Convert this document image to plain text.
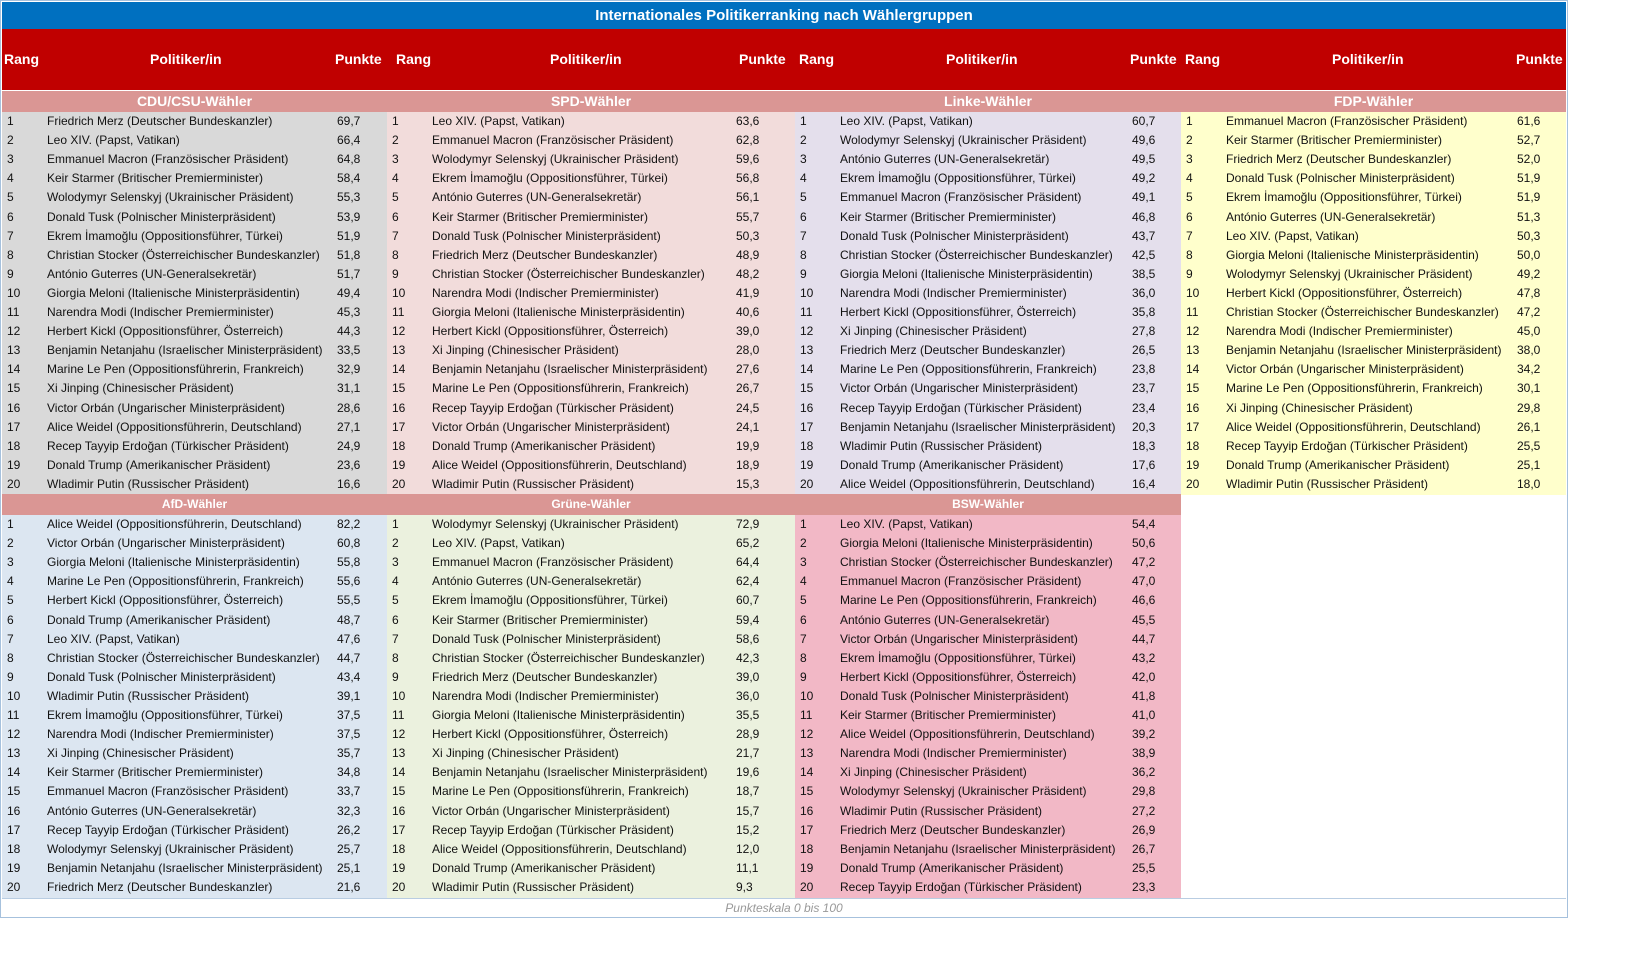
Internationales Politikerranking nach Wählergruppen
Rang	Politiker/in	Punkte Rang	Politiker/in	Punkte Rang	Politiker/in	Punkte Rang	Politiker/in	Punkte
CDU/CSU-Wähler
1	Friedrich Merz (Deutscher Bundeskanzler)	69,7
2	Leo XIV. (Papst, Vatikan)	66,4
3	Emmanuel Macron (Französischer Präsident)	64,8
4	Keir Starmer (Britischer Premierminister)	58,4
5	Wolodymyr Selenskyj (Ukrainischer Präsident)	55,3
6	Donald Tusk (Polnischer Ministerpräsident)	53,9
7	Ekrem İmamoğlu (Oppositionsführer, Türkei)	51,9
8	Christian Stocker (Österreichischer Bundeskanzler) 51,8
9	António Guterres (UN-Generalsekretär)	51,7
10 Giorgia Meloni (Italienische Ministerpräsidentin)	49,4
11 Narendra Modi (Indischer Premierminister)	45,3
12 Herbert Kickl (Oppositionsführer, Österreich)	44,3
13 Benjamin Netanjahu (Israelischer Ministerpräsident) 33,5
14 Marine Le Pen (Oppositionsführerin, Frankreich)	32,9
15 Xi Jinping (Chinesischer Präsident)	31,1
16 Victor Orbán (Ungarischer Ministerpräsident)	28,6
17 Alice Weidel (Oppositionsführerin, Deutschland)	27,1
18 Recep Tayyip Erdoğan (Türkischer Präsident)	24,9
19 Donald Trump (Amerikanischer Präsident)	23,6
20 Wladimir Putin (Russischer Präsident)	16,6
SPD-Wähler
1	Leo XIV. (Papst, Vatikan)	63,6
2	Emmanuel Macron (Französischer Präsident)	62,8
3	Wolodymyr Selenskyj (Ukrainischer Präsident)	59,6
4	Ekrem İmamoğlu (Oppositionsführer, Türkei)	56,8
5	António Guterres (UN-Generalsekretär)	56,1
6	Keir Starmer (Britischer Premierminister)	55,7
7	Donald Tusk (Polnischer Ministerpräsident)	50,3
8	Friedrich Merz (Deutscher Bundeskanzler)	48,9
9	Christian Stocker (Österreichischer Bundeskanzler)	48,2
10 Narendra Modi (Indischer Premierminister)	41,9
11 Giorgia Meloni (Italienische Ministerpräsidentin)	40,6
12 Herbert Kickl (Oppositionsführer, Österreich)	39,0
13 Xi Jinping (Chinesischer Präsident)	28,0
14 Benjamin Netanjahu (Israelischer Ministerpräsident) 27,6
15 Marine Le Pen (Oppositionsführerin, Frankreich)	26,7
16 Recep Tayyip Erdoğan (Türkischer Präsident)	24,5
17 Victor Orbán (Ungarischer Ministerpräsident)	24,1
18 Donald Trump (Amerikanischer Präsident)	19,9
19 Alice Weidel (Oppositionsführerin, Deutschland)	18,9
20 Wladimir Putin (Russischer Präsident)	15,3
Linke-Wähler
1	Leo XIV. (Papst, Vatikan)	60,7
2	Wolodymyr Selenskyj (Ukrainischer Präsident)	49,6
3	António Guterres (UN-Generalsekretär)	49,5
4	Ekrem İmamoğlu (Oppositionsführer, Türkei)	49,2
5	Emmanuel Macron (Französischer Präsident)	49,1
6	Keir Starmer (Britischer Premierminister)	46,8
7	Donald Tusk (Polnischer Ministerpräsident)	43,7
8	Christian Stocker (Österreichischer Bundeskanzler) 42,5
9	Giorgia Meloni (Italienische Ministerpräsidentin)	38,5
10 Narendra Modi (Indischer Premierminister)	36,0
11 Herbert Kickl (Oppositionsführer, Österreich)	35,8
12 Xi Jinping (Chinesischer Präsident)	27,8
13 Friedrich Merz (Deutscher Bundeskanzler)	26,5
14 Marine Le Pen (Oppositionsführerin, Frankreich)	23,8
15 Victor Orbán (Ungarischer Ministerpräsident)	23,7
16 Recep Tayyip Erdoğan (Türkischer Präsident)	23,4
17 Benjamin Netanjahu (Israelischer Ministerpräsident) 20,3
18 Wladimir Putin (Russischer Präsident)	18,3
19 Donald Trump (Amerikanischer Präsident)	17,6
20 Alice Weidel (Oppositionsführerin, Deutschland)	16,4
FDP-Wähler
1	Emmanuel Macron (Französischer Präsident)	61,6
2	Keir Starmer (Britischer Premierminister)	52,7
3	Friedrich Merz (Deutscher Bundeskanzler)	52,0
4	Donald Tusk (Polnischer Ministerpräsident)	51,9
5	Ekrem İmamoğlu (Oppositionsführer, Türkei)	51,9
6	António Guterres (UN-Generalsekretär)	51,3
7	Leo XIV. (Papst, Vatikan)	50,3
8	Giorgia Meloni (Italienische Ministerpräsidentin)	50,0
9	Wolodymyr Selenskyj (Ukrainischer Präsident)	49,2
10 Herbert Kickl (Oppositionsführer, Österreich)	47,8
11 Christian Stocker (Österreichischer Bundeskanzler) 47,2
12 Narendra Modi (Indischer Premierminister)	45,0
13 Benjamin Netanjahu (Israelischer Ministerpräsident) 38,0
14 Victor Orbán (Ungarischer Ministerpräsident)	34,2
15 Marine Le Pen (Oppositionsführerin, Frankreich)	30,1
16 Xi Jinping (Chinesischer Präsident)	29,8
17 Alice Weidel (Oppositionsführerin, Deutschland)	26,1
18 Recep Tayyip Erdoğan (Türkischer Präsident)	25,5
19 Donald Trump (Amerikanischer Präsident)	25,1
20 Wladimir Putin (Russischer Präsident)	18,0
AfD-Wähler
1	Alice Weidel (Oppositionsführerin, Deutschland)	82,2
2	Victor Orbán (Ungarischer Ministerpräsident)	60,8
3	Giorgia Meloni (Italienische Ministerpräsidentin)	55,8
4	Marine Le Pen (Oppositionsführerin, Frankreich)	55,6
5	Herbert Kickl (Oppositionsführer, Österreich)	55,5
6	Donald Trump (Amerikanischer Präsident)	48,7
7	Leo XIV. (Papst, Vatikan)	47,6
8	Christian Stocker (Österreichischer Bundeskanzler) 44,7
9	Donald Tusk (Polnischer Ministerpräsident)	43,4
10 Wladimir Putin (Russischer Präsident)	39,1
11 Ekrem İmamoğlu (Oppositionsführer, Türkei)	37,5
12 Narendra Modi (Indischer Premierminister)	37,5
13 Xi Jinping (Chinesischer Präsident)	35,7
14 Keir Starmer (Britischer Premierminister)	34,8
15 Emmanuel Macron (Französischer Präsident)	33,7
16 António Guterres (UN-Generalsekretär)	32,3
17 Recep Tayyip Erdoğan (Türkischer Präsident)	26,2
18 Wolodymyr Selenskyj (Ukrainischer Präsident)	25,7
19 Benjamin Netanjahu (Israelischer Ministerpräsident) 25,1
20 Friedrich Merz (Deutscher Bundeskanzler)	21,6
Grüne-Wähler
1	Wolodymyr Selenskyj (Ukrainischer Präsident)	72,9
2	Leo XIV. (Papst, Vatikan)	65,2
3	Emmanuel Macron (Französischer Präsident)	64,4
4	António Guterres (UN-Generalsekretär)	62,4
5	Ekrem İmamoğlu (Oppositionsführer, Türkei)	60,7
6	Keir Starmer (Britischer Premierminister)	59,4
7	Donald Tusk (Polnischer Ministerpräsident)	58,6
8	Christian Stocker (Österreichischer Bundeskanzler)	42,3
9	Friedrich Merz (Deutscher Bundeskanzler)	39,0
10 Narendra Modi (Indischer Premierminister)	36,0
11 Giorgia Meloni (Italienische Ministerpräsidentin)	35,5
12 Herbert Kickl (Oppositionsführer, Österreich)	28,9
13 Xi Jinping (Chinesischer Präsident)	21,7
14 Benjamin Netanjahu (Israelischer Ministerpräsident) 19,6
15 Marine Le Pen (Oppositionsführerin, Frankreich)	18,7
16 Victor Orbán (Ungarischer Ministerpräsident)	15,7
17 Recep Tayyip Erdoğan (Türkischer Präsident)	15,2
18 Alice Weidel (Oppositionsführerin, Deutschland)	12,0
19 Donald Trump (Amerikanischer Präsident)	11,1
20 Wladimir Putin (Russischer Präsident)	9,3
BSW-Wähler
1	Leo XIV. (Papst, Vatikan)	54,4
2	Giorgia Meloni (Italienische Ministerpräsidentin)	50,6
3	Christian Stocker (Österreichischer Bundeskanzler) 47,2
4	Emmanuel Macron (Französischer Präsident)	47,0
5	Marine Le Pen (Oppositionsführerin, Frankreich)	46,6
6	António Guterres (UN-Generalsekretär)	45,5
7	Victor Orbán (Ungarischer Ministerpräsident)	44,7
8	Ekrem İmamoğlu (Oppositionsführer, Türkei)	43,2
9	Herbert Kickl (Oppositionsführer, Österreich)	42,0
10 Donald Tusk (Polnischer Ministerpräsident)	41,8
11 Keir Starmer (Britischer Premierminister)	41,0
12 Alice Weidel (Oppositionsführerin, Deutschland)	39,2
13 Narendra Modi (Indischer Premierminister)	38,9
14 Xi Jinping (Chinesischer Präsident)	36,2
15 Wolodymyr Selenskyj (Ukrainischer Präsident)	29,8
16 Wladimir Putin (Russischer Präsident)	27,2
17 Friedrich Merz (Deutscher Bundeskanzler)	26,9
18 Benjamin Netanjahu (Israelischer Ministerpräsident) 26,7
19 Donald Trump (Amerikanischer Präsident)	25,5
20 Recep Tayyip Erdoğan (Türkischer Präsident)	23,3
Punkteskala 0 bis 100
